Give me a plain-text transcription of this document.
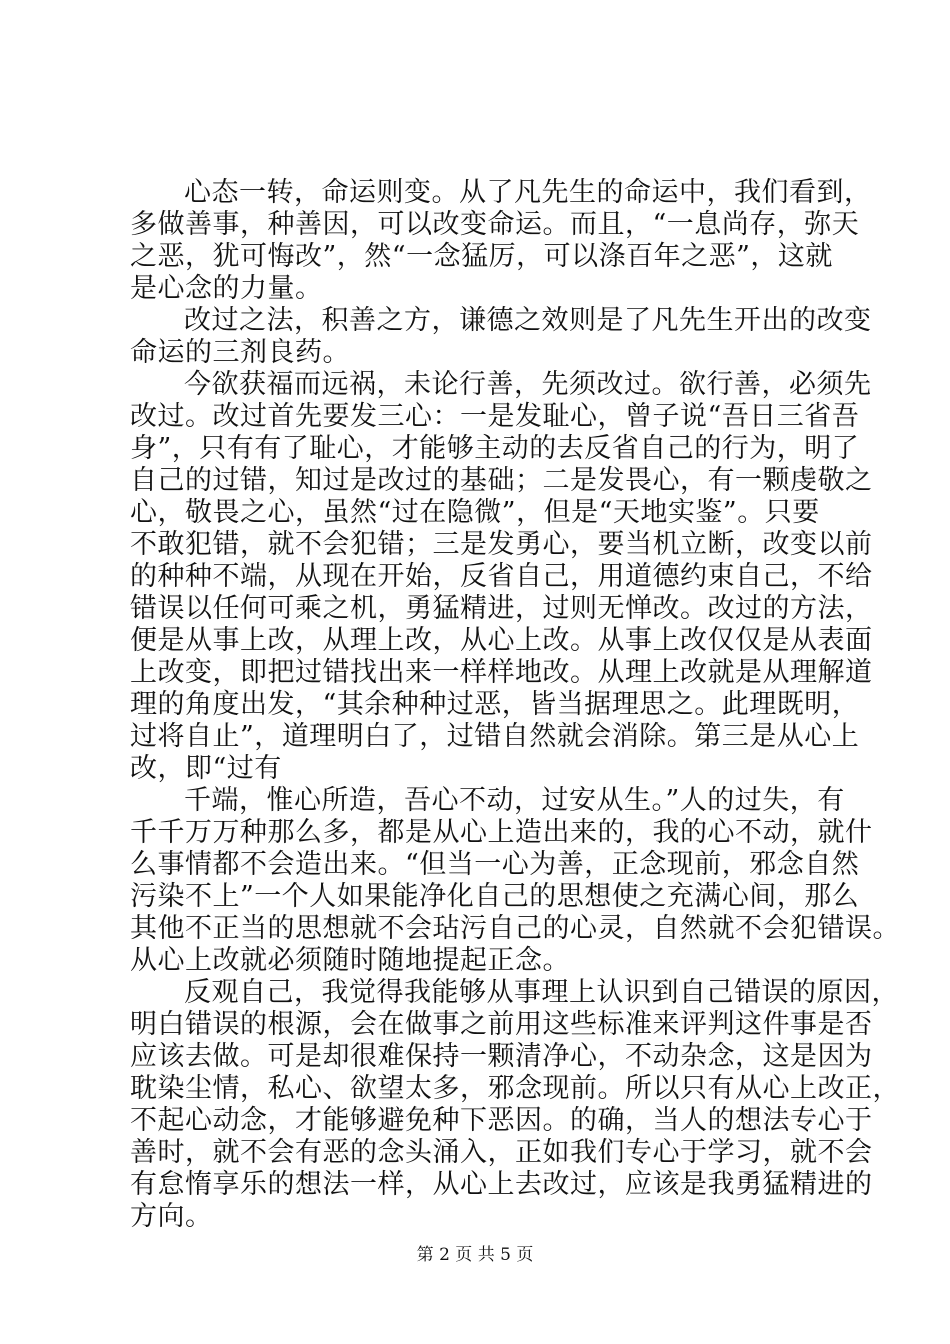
心态一转，命运则变。从了凡先生的命运中，我们看到，
多做善事，种善因，可以改变命运。而且，“一息尚存，弥天
之恶，犹可悔改”，然“一念猛厉，可以涤百年之恶”，这就
是心念的力量。
改过之法，积善之方，谦德之效则是了凡先生开出的改变
命运的三剂良药。
今欲获福而远祸，未论行善，先须改过。欲行善，必须先
改过。改过首先要发三心：一是发耻心，曾子说“吾日三省吾
身”，只有有了耻心，才能够主动的去反省自己的行为，明了
自己的过错，知过是改过的基础；二是发畏心，有一颗虔敬之
心，敬畏之心，虽然“过在隐微”，但是“天地实鉴”。只要
不敢犯错，就不会犯错；三是发勇心，要当机立断，改变以前
的种种不端，从现在开始，反省自己，用道德约束自己，不给
错误以任何可乘之机，勇猛精进，过则无惮改。改过的方法，
便是从事上改，从理上改，从心上改。从事上改仅仅是从表面
上改变，即把过错找出来一样样地改。从理上改就是从理解道
理的角度出发，“其余种种过恶，皆当据理思之。此理既明，
过将自止”，道理明白了，过错自然就会消除。第三是从心上
改，即“过有
千端，惟心所造，吾心不动，过安从生。”人的过失，有
千千万万种那么多，都是从心上造出来的，我的心不动，就什
么事情都不会造出来。“但当一心为善，正念现前，邪念自然
污染不上”一个人如果能净化自己的思想使之充满心间，那么
其他不正当的思想就不会玷污自己的心灵，自然就不会犯错误。
从心上改就必须随时随地提起正念。
反观自己，我觉得我能够从事理上认识到自己错误的原因，
明白错误的根源，会在做事之前用这些标准来评判这件事是否
应该去做。可是却很难保持一颗清净心，不动杂念，这是因为
耽染尘情，私心、欲望太多，邪念现前。所以只有从心上改正，
不起心动念，才能够避免种下恶因。的确，当人的想法专心于
善时，就不会有恶的念头涌入，正如我们专心于学习，就不会
有怠惰享乐的想法一样，从心上去改过，应该是我勇猛精进的
方向。
第 2 页 共 5 页
